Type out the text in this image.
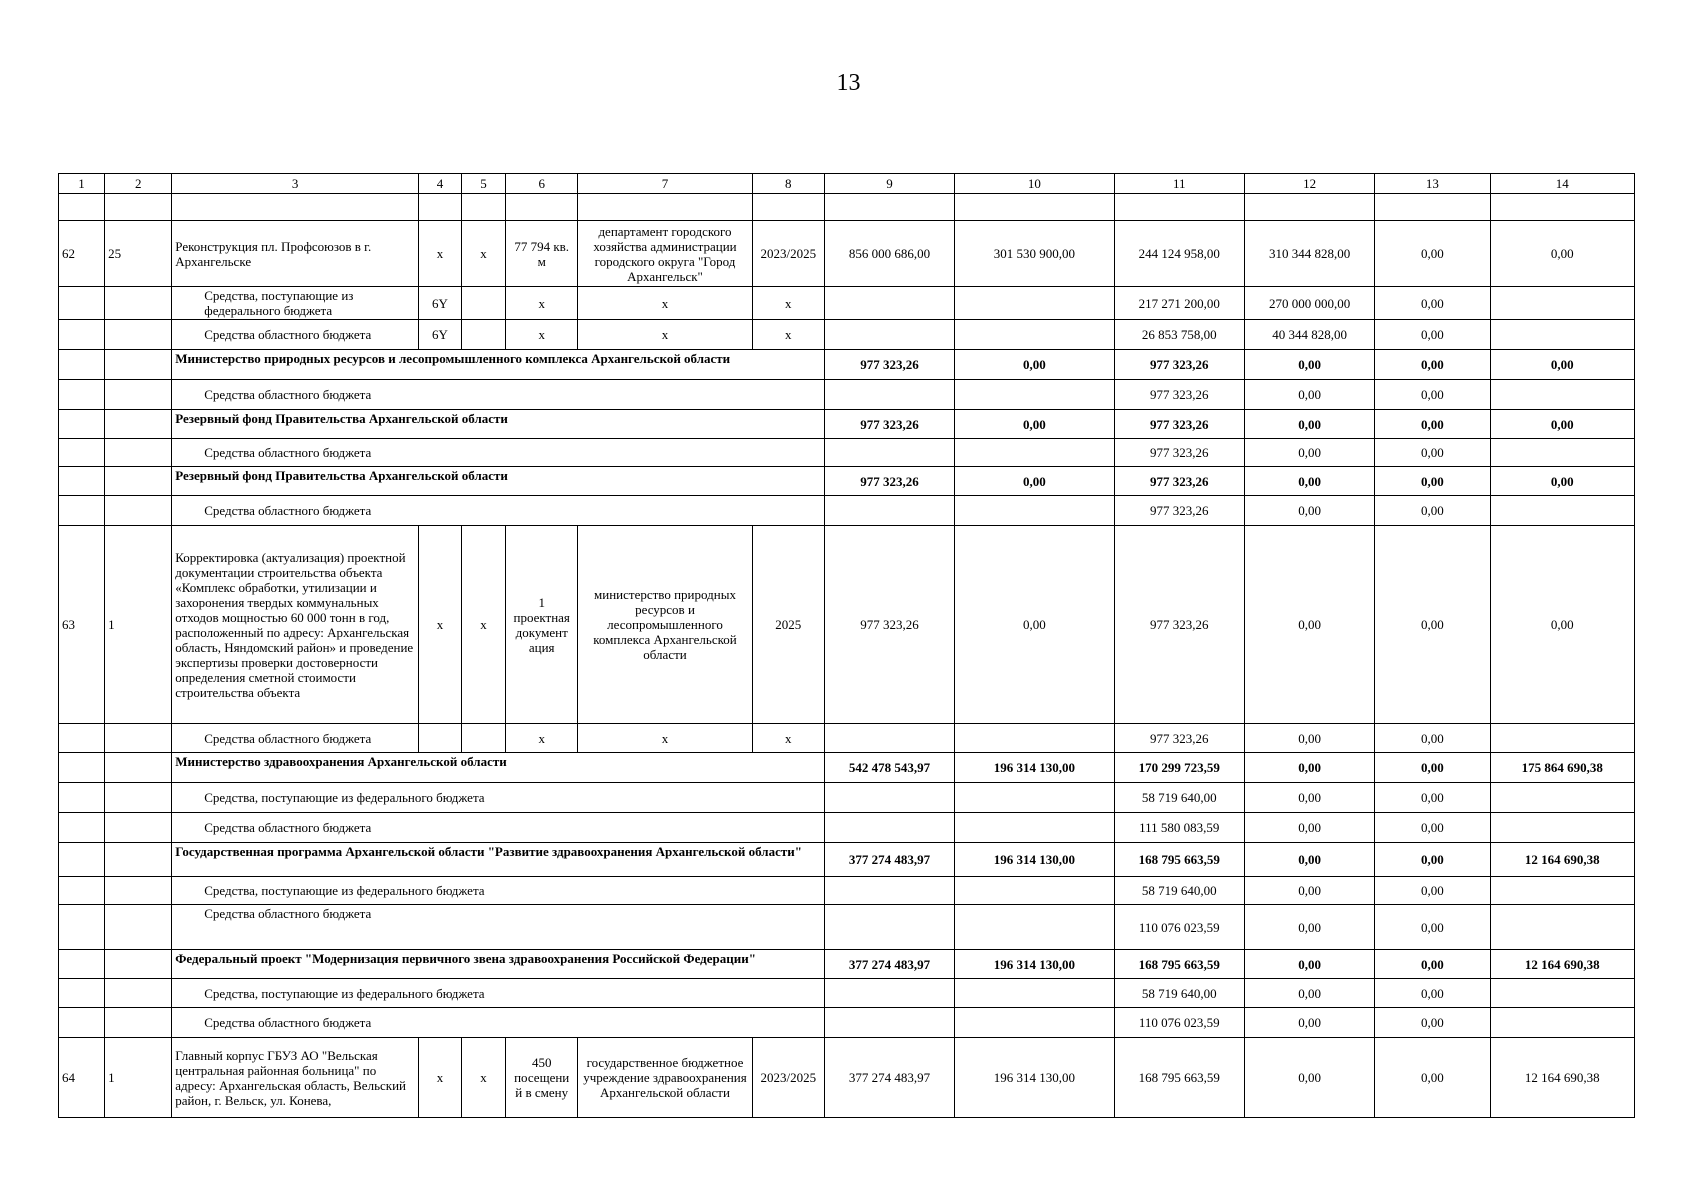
13
1	2	3	4	5	6	7	8	9	10	11	12	13	14

62	25	Реконструкция пл. Профсоюзов в г. Архангельске	х	х	77 794 кв. м	департамент городского хозяйства администрации городского округа "Город Архангельск"	2023/2025	856 000 686,00	301 530 900,00	244 124 958,00	310 344 828,00	0,00	0,00
		Средства, поступающие из федерального бюджета	6Y		х	х	х			217 271 200,00	270 000 000,00	0,00	
		Средства областного бюджета	6Y		х	х	х			26 853 758,00	40 344 828,00	0,00	
		Министерство природных ресурсов и лесопромышленного комплекса Архангельской области						977 323,26	0,00	977 323,26	0,00	0,00	0,00
		Средства областного бюджета								977 323,26	0,00	0,00	
		Резервный фонд Правительства Архангельской области						977 323,26	0,00	977 323,26	0,00	0,00	0,00
		Средства областного бюджета								977 323,26	0,00	0,00	
		Резервный фонд Правительства Архангельской области						977 323,26	0,00	977 323,26	0,00	0,00	0,00
		Средства областного бюджета								977 323,26	0,00	0,00	
63	1	Корректировка (актуализация) проектной документации строительства объекта «Комплекс обработки, утилизации и захоронения твердых коммунальных отходов мощностью 60 000 тонн в год, расположенный по адресу: Архангельская область, Няндомский район» и проведение экспертизы проверки достоверности определения сметной стоимости строительства объекта	х	х	1 проектная документ ация	министерство природных ресурсов и лесопромышленного комплекса Архангельской области	2025	977 323,26	0,00	977 323,26	0,00	0,00	0,00
		Средства областного бюджета			х	х	х			977 323,26	0,00	0,00	
		Министерство здравоохранения Архангельской области						542 478 543,97	196 314 130,00	170 299 723,59	0,00	0,00	175 864 690,38
		Средства, поступающие из федерального бюджета								58 719 640,00	0,00	0,00	
		Средства областного бюджета								111 580 083,59	0,00	0,00	
		Государственная программа Архангельской области "Развитие здравоохранения Архангельской области"						377 274 483,97	196 314 130,00	168 795 663,59	0,00	0,00	12 164 690,38
		Средства, поступающие из федерального бюджета								58 719 640,00	0,00	0,00	
		Средства областного бюджета								110 076 023,59	0,00	0,00	
		Федеральный проект "Модернизация первичного звена здравоохранения Российской Федерации"						377 274 483,97	196 314 130,00	168 795 663,59	0,00	0,00	12 164 690,38
		Средства, поступающие из федерального бюджета								58 719 640,00	0,00	0,00	
		Средства областного бюджета								110 076 023,59	0,00	0,00	
64	1	Главный корпус ГБУЗ АО "Вельская центральная районная больница" по адресу: Архангельская область, Вельский район, г. Вельск, ул. Конева,	х	х	450 посещени й в смену	государственное бюджетное учреждение здравоохранения Архангельской области	2023/2025	377 274 483,97	196 314 130,00	168 795 663,59	0,00	0,00	12 164 690,38
